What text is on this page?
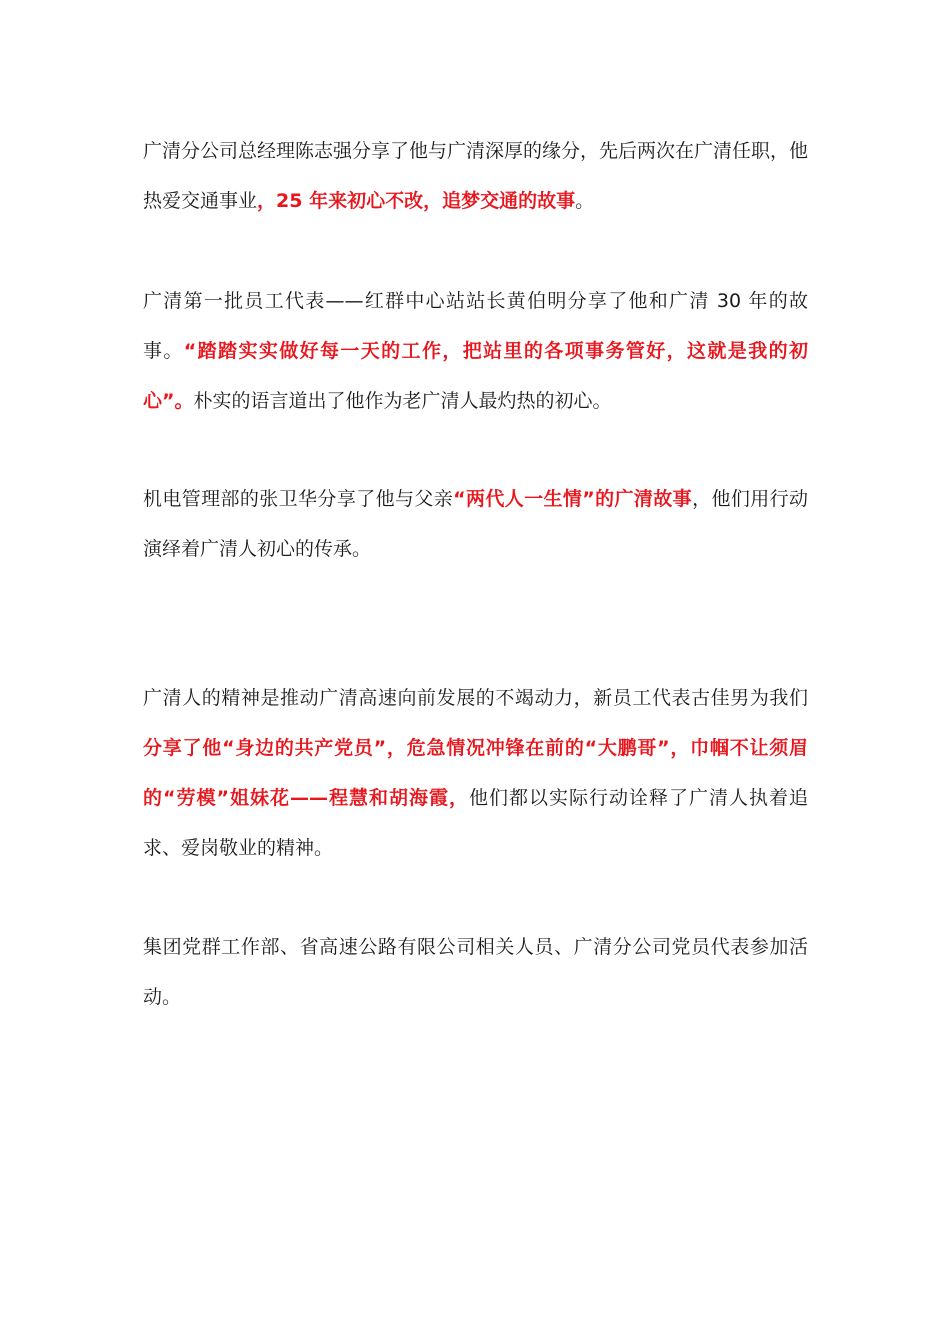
广清分公司总经理陈志强分享了他与广清深厚的缘分，先后两次在广清任职，他热爱交通事业，25 年来初心不改，追梦交通的故事。

广清第一批员工代表——红群中心站站长黄伯明分享了他和广清 30 年的故事。“踏踏实实做好每一天的工作，把站里的各项事务管好，这就是我的初心”。朴实的语言道出了他作为老广清人最灼热的初心。

机电管理部的张卫华分享了他与父亲“两代人一生情”的广清故事，他们用行动演绎着广清人初心的传承。

广清人的精神是推动广清高速向前发展的不竭动力，新员工代表古佳男为我们分享了他“身边的共产党员”，危急情况冲锋在前的“大鹏哥”，巾帼不让须眉的“劳模”姐妹花——程慧和胡海霞，他们都以实际行动诠释了广清人执着追求、爱岗敬业的精神。

集团党群工作部、省高速公路有限公司相关人员、广清分公司党员代表参加活动。
